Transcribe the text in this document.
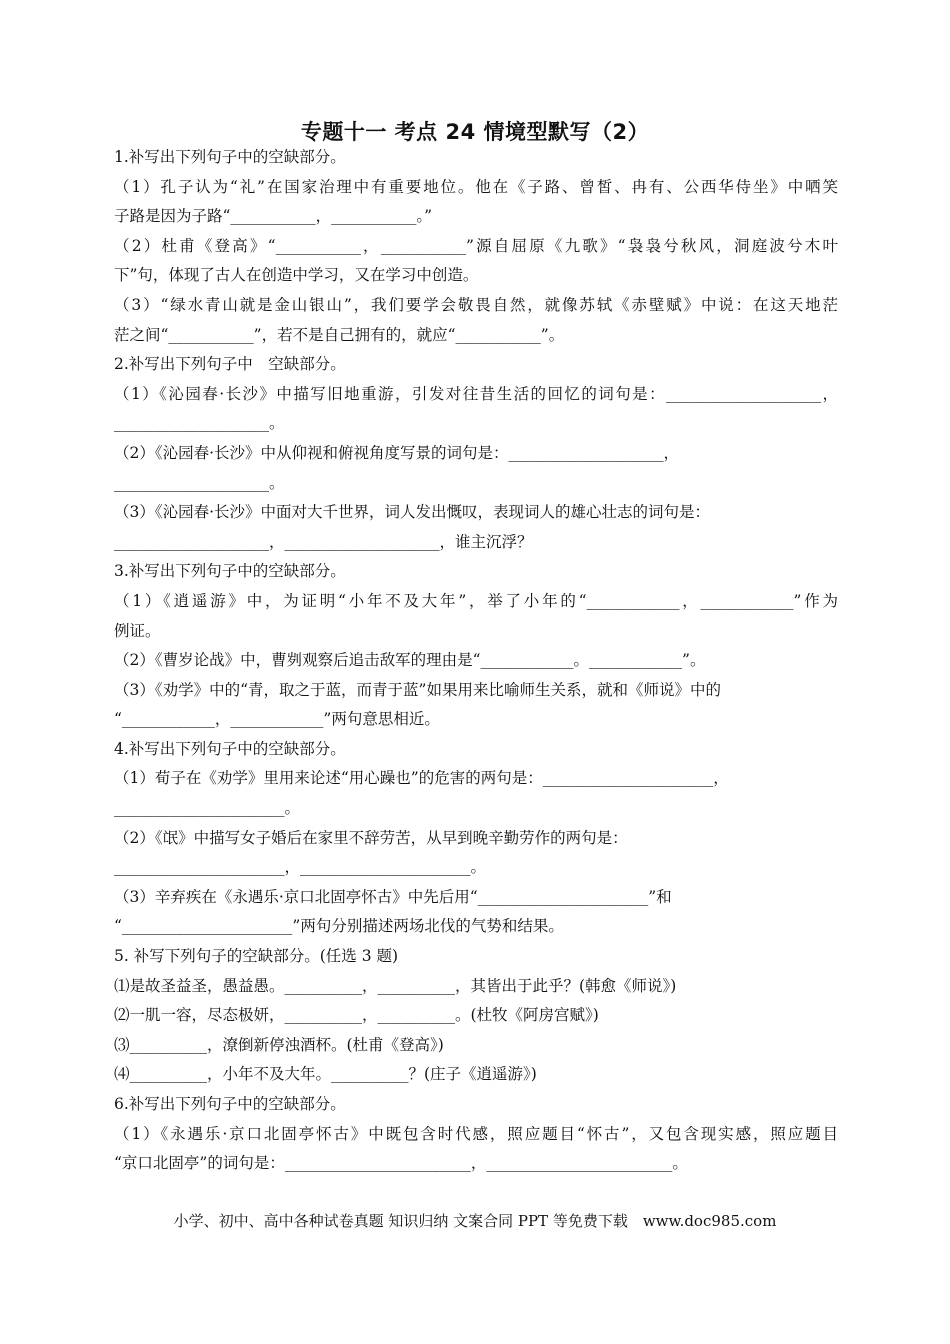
专题十一 考点 24 情境型默写（2）
1.补写出下列句子中的空缺部分。
（1）孔子认为“礼”在国家治理中有重要地位。他在《子路、曾皙、冉有、公西华侍坐》中哂笑
子路是因为子路“___________，___________。”
（2）杜甫《登高》“___________，___________”源自屈原《九歌》“袅袅兮秋风，洞庭波兮木叶
下”句，体现了古人在创造中学习，又在学习中创造。
（3）“绿水青山就是金山银山”，我们要学会敬畏自然，就像苏轼《赤壁赋》中说：在这天地茫
茫之间“___________”，若不是自己拥有的，就应“___________”。
2.补写出下列句子中　空缺部分。
（1）《沁园春·长沙》中描写旧地重游，引发对往昔生活的回忆的词句是：____________________，
____________________。
（2）《沁园春·长沙》中从仰视和俯视角度写景的词句是：____________________，
____________________。
（3）《沁园春·长沙》中面对大千世界，词人发出慨叹，表现词人的雄心壮志的词句是：
____________________，____________________，谁主沉浮？
3.补写出下列句子中的空缺部分。
（1）《逍遥游》中，为证明“小年不及大年”，举了小年的“____________，____________”作为
例证。
（2）《曹岁论战》中，曹刿观察后追击敌军的理由是“____________。____________”。
（3）《劝学》中的“青，取之于蓝，而青于蓝”如果用来比喻师生关系，就和《师说》中的
“____________，____________”两句意思相近。
4.补写出下列句子中的空缺部分。
（1）荀子在《劝学》里用来论述“用心躁也”的危害的两句是：______________________，
______________________。
（2）《氓》中描写女子婚后在家里不辞劳苦，从早到晚辛勤劳作的两句是：
______________________，______________________。
（3）辛弃疾在《永遇乐·京口北固亭怀古》中先后用“______________________”和
“______________________”两句分别描述两场北伐的气势和结果。
5. 补写下列句子的空缺部分。(任选 3 题)
⑴是故圣益圣，愚益愚。__________，__________，其皆出于此乎？(韩愈《师说》)
⑵一肌一容，尽态极妍，__________，__________。(杜牧《阿房宫赋》)
⑶__________，潦倒新停浊酒杯。(杜甫《登高》)
⑷__________，小年不及大年。__________？(庄子《逍遥游》)
6.补写出下列句子中的空缺部分。
（1）《永遇乐·京口北固亭怀古》中既包含时代感，照应题目“怀古”，又包含现实感，照应题目
“京口北固亭”的词句是：________________________，________________________。
小学、初中、高中各种试卷真题 知识归纳 文案合同 PPT 等免费下载　www.doc985.com
